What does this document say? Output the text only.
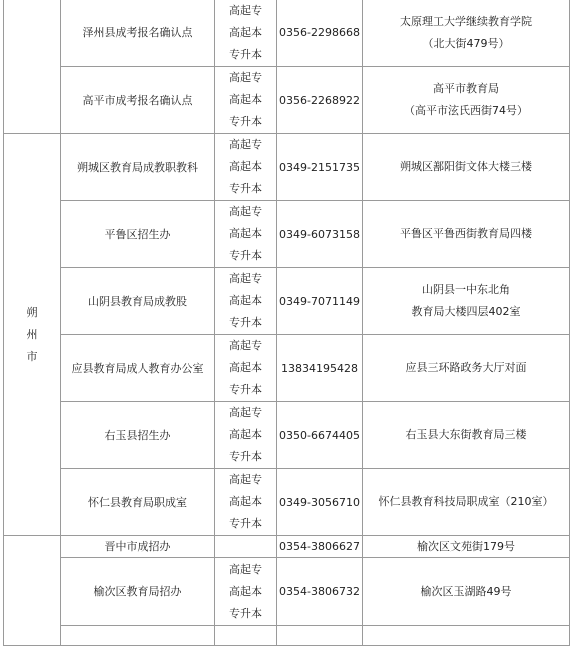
	泽州县成考报名确认点	高起专
高起本
专升本	0356-2298668	太原理工大学继续教育学院
（北大街479号）

	高平市成考报名确认点	高起专
高起本
专升本	0356-2268922	高平市教育局
（高平市泫氏西街74号）

朔
州
市	朔城区教育局成教职教科	高起专
高起本
专升本	0349-2151735	朔城区鄯阳街文体大楼三楼

	平鲁区招生办	高起专
高起本
专升本	0349-6073158	平鲁区平鲁西街教育局四楼

	山阴县教育局成教股	高起专
高起本
专升本	0349-7071149	山阴县一中东北角
教育局大楼四层402室

	应县教育局成人教育办公室	高起专
高起本
专升本	13834195428	应县三环路政务大厅对面

	右玉县招生办	高起专
高起本
专升本	0350-6674405	右玉县大东街教育局三楼

	怀仁县教育局职成室	高起专
高起本
专升本	0349-3056710	怀仁县教育科技局职成室（210室）

	晋中市成招办		0354-3806627	榆次区文苑街179号
	榆次区教育局招办	高起专
高起本
专升本	0354-3806732	榆次区玉湖路49号
